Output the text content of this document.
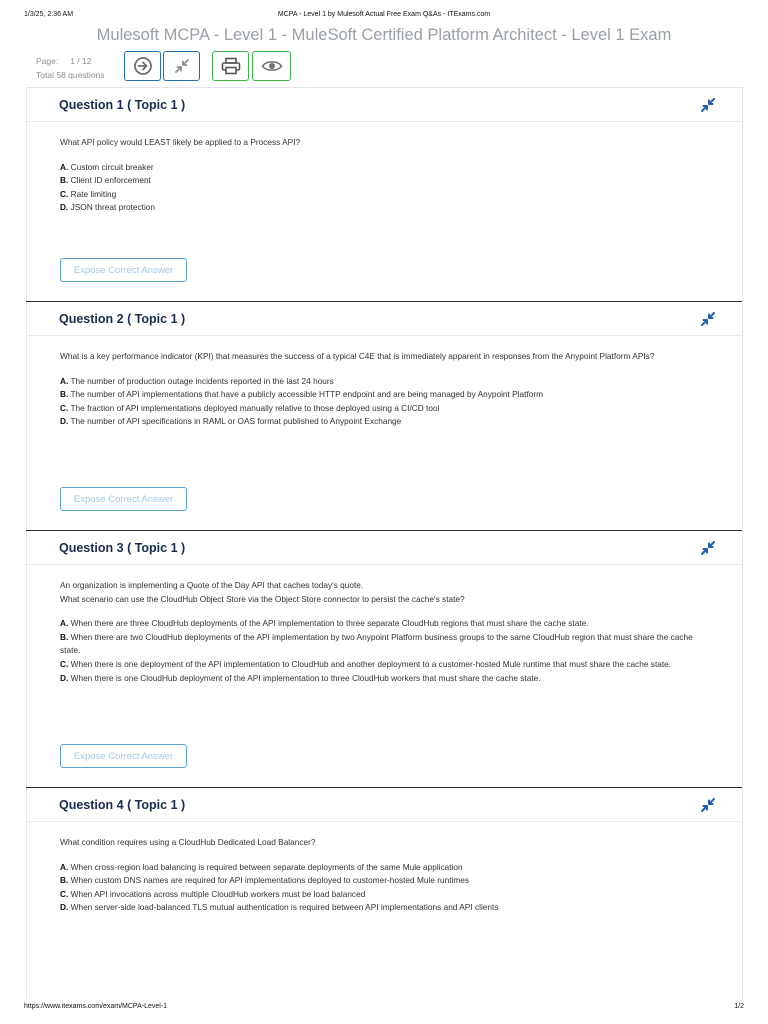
1/3/25, 2:36 AM	MCPA - Level 1 by Mulesoft Actual Free Exam Q&As - ITExams.com
Mulesoft MCPA - Level 1 - MuleSoft Certified Platform Architect - Level 1 Exam
Page: 1 / 12
Total 58 questions
Question 1 ( Topic 1 )
What API policy would LEAST likely be applied to a Process API?
A. Custom circuit breaker
B. Client ID enforcement
C. Rate limiting
D. JSON threat protection
Expose Correct Answer
Question 2 ( Topic 1 )
What is a key performance indicator (KPI) that measures the success of a typical C4E that is immediately apparent in responses from the Anypoint Platform APIs?
A. The number of production outage incidents reported in the last 24 hours
B. The number of API implementations that have a publicly accessible HTTP endpoint and are being managed by Anypoint Platform
C. The fraction of API implementations deployed manually relative to those deployed using a CI/CD tool
D. The number of API specifications in RAML or OAS format published to Anypoint Exchange
Expose Correct Answer
Question 3 ( Topic 1 )
An organization is implementing a Quote of the Day API that caches today's quote.
What scenario can use the CloudHub Object Store via the Object Store connector to persist the cache's state?
A. When there are three CloudHub deployments of the API implementation to three separate CloudHub regions that must share the cache state.
B. When there are two CloudHub deployments of the API implementation by two Anypoint Platform business groups to the same CloudHub region that must share the cache state.
C. When there is one deployment of the API implementation to CloudHub and another deployment to a customer-hosted Mule runtime that must share the cache state.
D. When there is one CloudHub deployment of the API implementation to three CloudHub workers that must share the cache state.
Expose Correct Answer
Question 4 ( Topic 1 )
What condition requires using a CloudHub Dedicated Load Balancer?
A. When cross-region load balancing is required between separate deployments of the same Mule application
B. When custom DNS names are required for API implementations deployed to customer-hosted Mule runtimes
C. When API invocations across multiple CloudHub workers must be load balanced
D. When server-side load-balanced TLS mutual authentication is required between API implementations and API clients
https://www.itexams.com/exam/MCPA-Level-1	1/2
